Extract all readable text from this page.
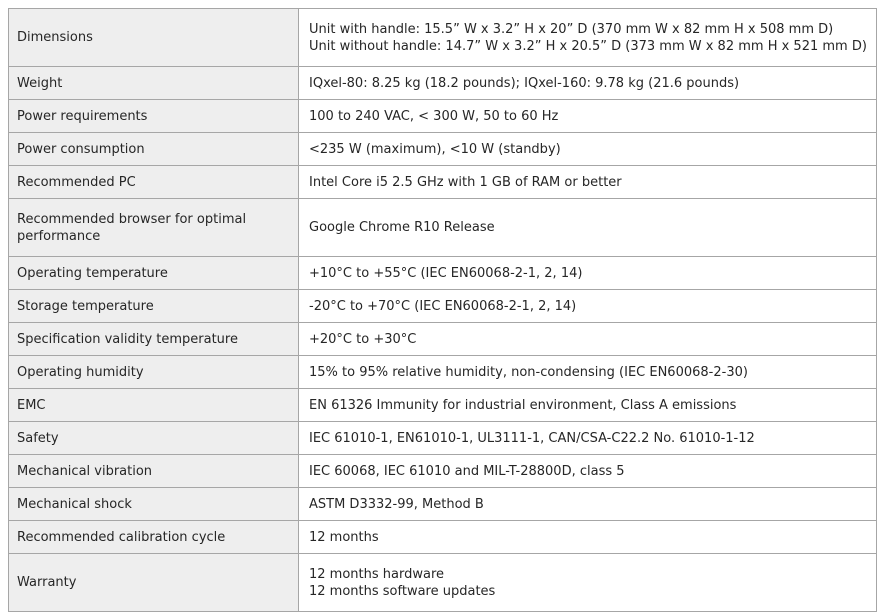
Dimensions	Unit with handle: 15.5” W x 3.2” H x 20” D (370 mm W x 82 mm H x 508 mm D)
Unit without handle: 14.7” W x 3.2” H x 20.5” D (373 mm W x 82 mm H x 521 mm D)

Weight	IQxel-80: 8.25 kg (18.2 pounds); IQxel-160: 9.78 kg (21.6 pounds)

Power requirements	100 to 240 VAC, < 300 W, 50 to 60 Hz

Power consumption	<235 W (maximum), <10 W (standby)

Recommended PC	Intel Core i5 2.5 GHz with 1 GB of RAM or better

Recommended browser for optimal performance	Google Chrome R10 Release

Operating temperature	+10°C to +55°C (IEC EN60068-2-1, 2, 14)

Storage temperature	-20°C to +70°C (IEC EN60068-2-1, 2, 14)

Specification validity temperature	+20°C to +30°C

Operating humidity	15% to 95% relative humidity, non-condensing (IEC EN60068-2-30)

EMC	EN 61326 Immunity for industrial environment, Class A emissions

Safety	IEC 61010-1, EN61010-1, UL3111-1, CAN/CSA-C22.2 No. 61010-1-12

Mechanical vibration	IEC 60068, IEC 61010 and MIL-T-28800D, class 5

Mechanical shock	ASTM D3332-99, Method B

Recommended calibration cycle	12 months

Warranty	12 months hardware
12 months software updates
